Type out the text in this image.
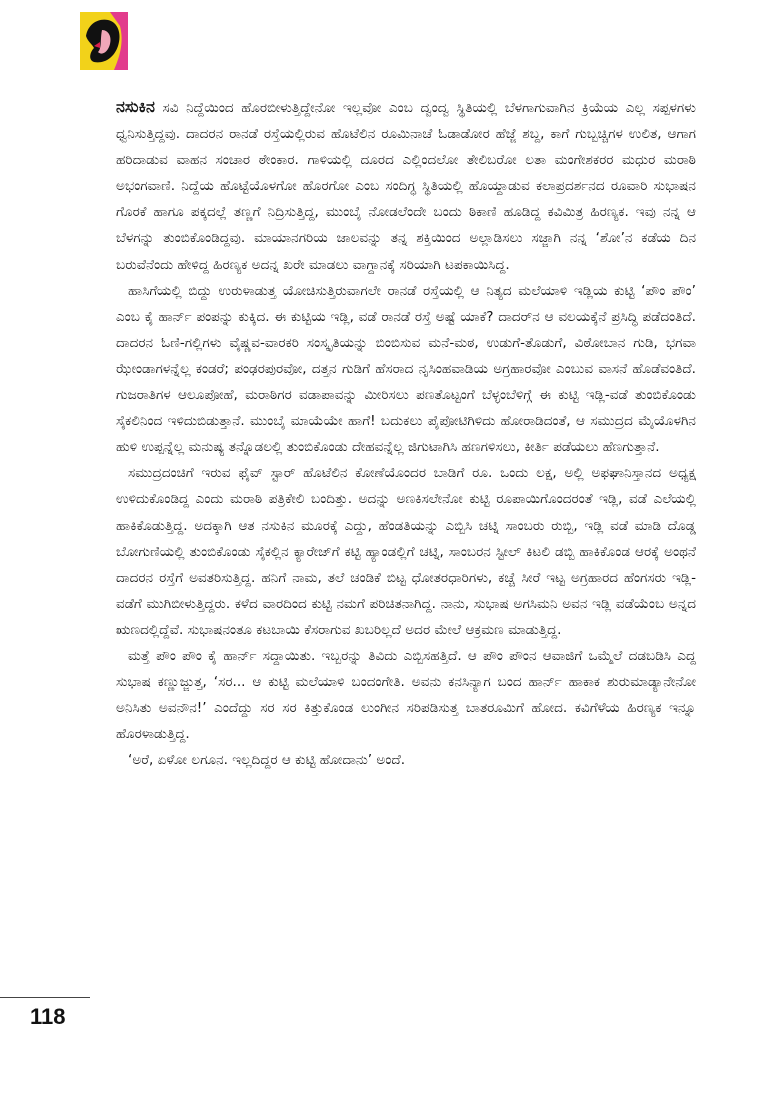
ನಸುಕಿನ ಸವಿ ನಿದ್ದೆಯಿಂದ ಹೊರಬೀಳುತ್ತಿದ್ದೇನೋ ಇಲ್ಲವೋ ಎಂಬ ದ್ವಂದ್ವ ಸ್ಥಿತಿಯಲ್ಲಿ ಬೆಳಗಾಗುವಾಗಿನ ಕ್ರಿಯೆಯ ಎಲ್ಲ ಸಪ್ಪಳಗಳು ಧ್ವನಿಸುತ್ತಿದ್ದವು. ದಾದರನ ರಾನಡೆ ರಸ್ತೆಯಲ್ಲಿರುವ ಹೊಟೆಲಿನ ರೂಮಿನಾಚೆ ಓಡಾಡೋರ ಹೆಜ್ಜೆ ಶಬ್ದ, ಕಾಗೆ ಗುಬ್ಬಚ್ಚಿಗಳ ಉಲಿತ, ಆಗಾಗ ಹರಿದಾಡುವ ವಾಹನ ಸಂಚಾರ ಠೇಂಕಾರ. ಗಾಳಿಯಲ್ಲಿ ದೂರದ ಎಲ್ಲಿಂದಲೋ ತೇಲಿಬರೋ ಲತಾ ಮಂಗೇಶಕರರ ಮಧುರ ಮರಾಠಿ ಅಭಂಗವಾಣಿ. ನಿದ್ದೆಯ ಹೊಟ್ಟೆಯೊಳಗೋ ಹೊರಗೋ ಎಂಬ ಸಂದಿಗ್ಧ ಸ್ಥಿತಿಯಲ್ಲಿ ಹೊಯ್ದಾಡುವ ಕಲಾಪ್ರದರ್ಶನದ ರೂವಾರಿ ಸುಭಾಷನ ಗೊರಕೆ ಹಾಗೂ ಪಕ್ಕದಲ್ಲೆ ತಣ್ಣಗೆ ನಿದ್ರಿಸುತ್ತಿದ್ದ, ಮುಂಬೈ ನೋಡಲೆಂದೇ ಬಂದು ಠಿಕಾಣಿ ಹೂಡಿದ್ದ ಕವಿಮಿತ್ರ ಹಿರಣ್ಯಕ. ಇವು ನನ್ನ ಆ ಬೆಳಗನ್ನು ತುಂಬಿಕೊಂಡಿದ್ದವು. ಮಾಯಾನಗರಿಯ ಜಾಲವನ್ನು ತನ್ನ ಶಕ್ತಿಯಿಂದ ಅಲ್ಲಾಡಿಸಲು ಸಜ್ಜಾಗಿ ನನ್ನ ‘ಶೋ’ನ ಕಡೆಯ ದಿನ ಬರುವೆನೆಂದು ಹೇಳಿದ್ದ ಹಿರಣ್ಯಕ ಅದನ್ನ ಖರೇ ಮಾಡಲು ವಾಗ್ದಾನಕ್ಕೆ ಸರಿಯಾಗಿ ಟಪಕಾಯಿಸಿದ್ದ.

ಹಾಸಿಗೆಯಲ್ಲಿ ಬಿದ್ದು ಉರುಳಾಡುತ್ತ ಯೋಚಿಸುತ್ತಿರುವಾಗಲೇ ರಾನಡೆ ರಸ್ತೆಯಲ್ಲಿ ಆ ನಿತ್ಯದ ಮಲೆಯಾಳಿ ಇಡ್ಲಿಯ ಕುಟ್ಟಿ ‘ಪೌಂ ಪೌಂ’ ಎಂಬ ಕೈ ಹಾರ್ನ್ ಪಂಪನ್ನು ಕುಕ್ಕಿದ. ಈ ಕುಟ್ಟಿಯ ಇಡ್ಲಿ, ವಡೆ ರಾನಡೆ ರಸ್ತೆ ಅಷ್ಟೆ ಯಾಕೆ? ದಾದರ್‌ನ ಆ ವಲಯಕ್ಕೆನೆ ಪ್ರಸಿದ್ಧಿ ಪಡೆದಂತಿದೆ. ದಾದರನ ಓಣಿ-ಗಲ್ಲಿಗಳು ವೈಷ್ಣವ-ವಾರಕರಿ ಸಂಸ್ಕೃತಿಯನ್ನು ಬಿಂಬಿಸುವ ಮನೆ-ಮಠ, ಉಡುಗೆ-ತೊಡುಗೆ, ವಿಠೋಬಾನ ಗುಡಿ, ಭಗವಾ ಝೇಂಡಾಗಳನ್ನೆಲ್ಲ ಕಂಡರೆ; ಪಂಢರಪುರವೋ, ದತ್ತನ ಗುಡಿಗೆ ಹೆಸರಾದ ನೃಸಿಂಹವಾಡಿಯ ಅಗ್ರಹಾರವೋ ಎಂಬುವ ವಾಸನೆ ಹೊಡೆವಂತಿದೆ. ಗುಜರಾತಿಗಳ ಆಲೂಪೋಹೆ, ಮರಾಠಿಗರ ವಡಾಪಾವನ್ನು ಮೀರಿಸಲು ಪಣತೊಟ್ಟಂಗೆ ಬೆಳ್ಳಂಬೆಳಿಗ್ಗೆ ಈ ಕುಟ್ಟಿ ಇಡ್ಲಿ-ವಡೆ ತುಂಬಿಕೊಂಡು ಸೈಕಲಿನಿಂದ ಇಳಿದುಬಿಡುತ್ತಾನೆ. ಮುಂಬೈ ಮಾಯೆಯೇ ಹಾಗೆ! ಬದುಕಲು ಪೈಪೋಟಿಗಿಳಿದು ಹೋರಾಡಿದಂತೆ, ಆ ಸಮುದ್ರದ ಮೈಯೊಳಗಿನ ಹುಳಿ ಉಪ್ಪನ್ನೆಲ್ಲ ಮನುಷ್ಯ ತನ್ನೊಡಲಲ್ಲಿ ತುಂಬಿಕೊಂಡು ದೇಹವನ್ನೆಲ್ಲ ಜಿಗುಟಾಗಿಸಿ ಹಣಗಳಿಸಲು, ಕೀರ್ತಿ ಪಡೆಯಲು ಹೆಣಗುತ್ತಾನೆ.

ಸಮುದ್ರದಂಚಿಗೆ ಇರುವ ಫೈವ್ ಸ್ಟಾರ್ ಹೊಟೆಲಿನ ಕೋಣೆಯೊಂದರ ಬಾಡಿಗೆ ರೂ. ಒಂದು ಲಕ್ಷ, ಅಲ್ಲಿ ಅಫಘಾನಿಸ್ತಾನದ ಅಧ್ಯಕ್ಷ ಉಳಿದುಕೊಂಡಿದ್ದ ಎಂದು ಮರಾಠಿ ಪತ್ರಿಕೇಲಿ ಬಂದಿತ್ತು. ಅದನ್ನು ಅಣಕಿಸಲೇನೋ ಕುಟ್ಟಿ ರೂಪಾಯಿಗೊಂದರಂತೆ ಇಡ್ಲಿ, ವಡೆ ಎಲೆಯಲ್ಲಿ ಹಾಕಿಕೊಡುತ್ತಿದ್ದ. ಅದಕ್ಕಾಗಿ ಆತ ನಸುಕಿನ ಮೂರಕ್ಕೆ ಎದ್ದು, ಹೆಂಡತಿಯನ್ನು ಎಬ್ಬಿಸಿ ಚಟ್ನಿ ಸಾಂಬರು ರುಬ್ಬಿ, ಇಡ್ಲಿ ವಡೆ ಮಾಡಿ ದೊಡ್ಡ ಬೋಗುಣಿಯಲ್ಲಿ ತುಂಬಿಕೊಂಡು ಸೈಕಲ್ಲಿನ ಕ್ಯಾರೇಜ್‌ಗೆ ಕಟ್ಟಿ ಹ್ಯಾಂಡಲ್ಲಿಗೆ ಚಟ್ನಿ, ಸಾಂಬರನ ಸ್ಟೀಲ್ ಕಿಟಲಿ ಡಬ್ಬಿ ಹಾಕಿಕೊಂಡ ಆರಕ್ಕೆ ಅಂಥನೆ ದಾದರನ ರಸ್ತೆಗೆ ಅವತರಿಸುತ್ತಿದ್ದ. ಹನಿಗೆ ನಾಮ, ತಲೆ ಚಂಡಿಕೆ ಬಿಟ್ಟ ಧೋತರಧಾರಿಗಳು, ಕಚ್ಚೆ ಸೀರೆ ಇಟ್ಟ ಅಗ್ರಹಾರದ ಹೆಂಗಸರು ಇಡ್ಲಿ-ವಡೆಗೆ ಮುಗಿಬೀಳುತ್ತಿದ್ದರು. ಕಳೆದ ವಾರದಿಂದ ಕುಟ್ಟಿ ನಮಗೆ ಪರಿಚಿತನಾಗಿದ್ದ. ನಾನು, ಸುಭಾಷ ಅಗಸಿಮನಿ ಅವನ ಇಡ್ಲಿ ವಡೆಯೆಂಬ ಅನ್ನದ ಋಣದಲ್ಲಿದ್ದೆವೆ. ಸುಭಾಷನಂತೂ ಕಟಬಾಯಿ ಕೆಸರಾಗುವ ಖಬರಿಲ್ಲದೆ ಅದರ ಮೇಲೆ ಆಕ್ರಮಣ ಮಾಡುತ್ತಿದ್ದ.

ಮತ್ತೆ ಪೌಂ ಪೌಂ ಕೈ ಹಾರ್ನ್ ಸದ್ದಾಯಿತು. ಇಬ್ಬರನ್ನು ತಿವಿದು ಎಬ್ಬಿಸಹತ್ತಿದೆ. ಆ ಪೌಂ ಪೌಂನ ಆವಾಜಿಗೆ ಒಮ್ಮೆಲೆ ದಡಬಡಿಸಿ ಎದ್ದ ಸುಭಾಷ ಕಣ್ಣುಜ್ಜುತ್ತ, ‘ಸರ... ಆ ಕುಟ್ಟಿ ಮಲೆಯಾಳಿ ಬಂದಂಗೇತಿ. ಅವನು ಕನಸಿನ್ಯಾಗ ಬಂದ ಹಾರ್ನ್ ಹಾಕಾಕ ಶುರುಮಾಡ್ಯಾನೇನೋ ಅನಿಸಿತು ಅವನೌನ!’ ಎಂದೆದ್ದು ಸರ ಸರ ಕಿತ್ತುಕೊಂಡ ಲುಂಗೀನ ಸರಿಪಡಿಸುತ್ತ ಬಾತರೂಮಿಗೆ ಹೋದ. ಕವಿಗೆಳೆಯ ಹಿರಣ್ಯಕ ಇನ್ನೂ ಹೊರಳಾಡುತ್ತಿದ್ದ.

‘ಅರೆ, ಏಳೋ ಲಗೂನ. ಇಲ್ಲದಿದ್ದರ ಆ ಕುಟ್ಟಿ ಹೋದಾನು’ ಅಂದೆ.

118
